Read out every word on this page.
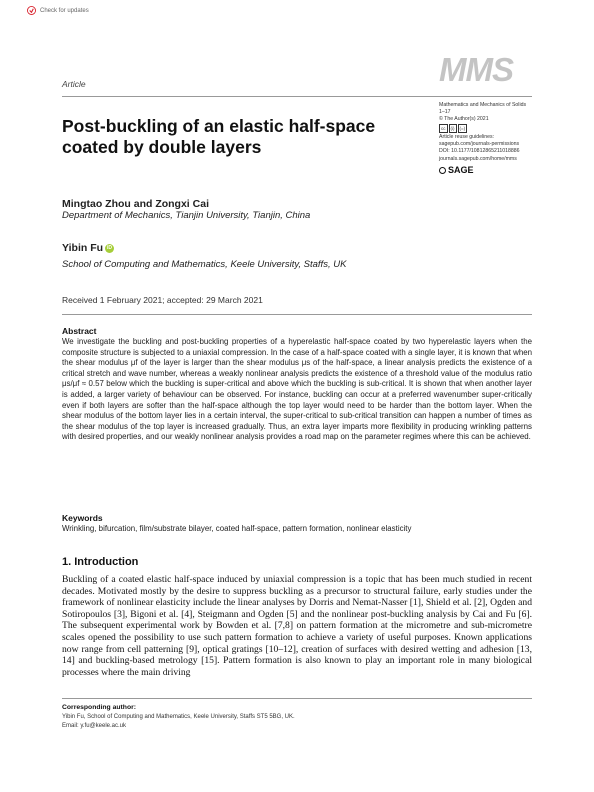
Check for updates
Article	MMS
Post-buckling of an elastic half-space coated by double layers
Mathematics and Mechanics of Solids
1–17
© The Author(s) 2021
cc	(i)	(=)
Article reuse guidelines:
sagepub.com/journals-permissions
DOI: 10.1177/10812865211018886
journals.sagepub.com/home/mms
SAGE
Mingtao Zhou and Zongxi Cai
Department of Mechanics, Tianjin University, Tianjin, China
Yibin Fu iD
School of Computing and Mathematics, Keele University, Staffs, UK
Received 1 February 2021; accepted: 29 March 2021
Abstract
We investigate the buckling and post-buckling properties of a hyperelastic half-space coated by two hyperelastic layers when the composite structure is subjected to a uniaxial compression. In the case of a half-space coated with a single layer, it is known that when the shear modulus μf of the layer is larger than the shear modulus μs of the half-space, a linear analysis predicts the existence of a critical stretch and wave number, whereas a weakly nonlinear analysis predicts the existence of a threshold value of the modulus ratio μs/μf ≈ 0.57 below which the buckling is super-critical and above which the buckling is sub-critical. It is shown that when another layer is added, a larger variety of behaviour can be observed. For instance, buckling can occur at a preferred wavenumber super-critically even if both layers are softer than the half-space although the top layer would need to be harder than the bottom layer. When the shear modulus of the bottom layer lies in a certain interval, the super-critical to sub-critical transition can happen a number of times as the shear modulus of the top layer is increased gradually. Thus, an extra layer imparts more flexibility in producing wrinkling patterns with desired properties, and our weakly nonlinear analysis provides a road map on the parameter regimes where this can be achieved.
Keywords
Wrinkling, bifurcation, film/substrate bilayer, coated half-space, pattern formation, nonlinear elasticity
1. Introduction
Buckling of a coated elastic half-space induced by uniaxial compression is a topic that has been much studied in recent decades. Motivated mostly by the desire to suppress buckling as a precursor to structural failure, early studies under the framework of nonlinear elasticity include the linear analyses by Dorris and Nemat-Nasser [1], Shield et al. [2], Ogden and Sotiropoulos [3], Bigoni et al. [4], Steigmann and Ogden [5] and the nonlinear post-buckling analysis by Cai and Fu [6]. The subsequent experimental work by Bowden et al. [7,8] on pattern formation at the micrometre and sub-micrometre scales opened the possibility to use such pattern formation to achieve a variety of useful purposes. Known applications now range from cell patterning [9], optical gratings [10–12], creation of surfaces with desired wetting and adhesion [13, 14] and buckling-based metrology [15]. Pattern formation is also known to play an important role in many biological processes where the main driving
Corresponding author:
Yibin Fu, School of Computing and Mathematics, Keele University, Staffs ST5 5BG, UK.
Email: y.fu@keele.ac.uk
